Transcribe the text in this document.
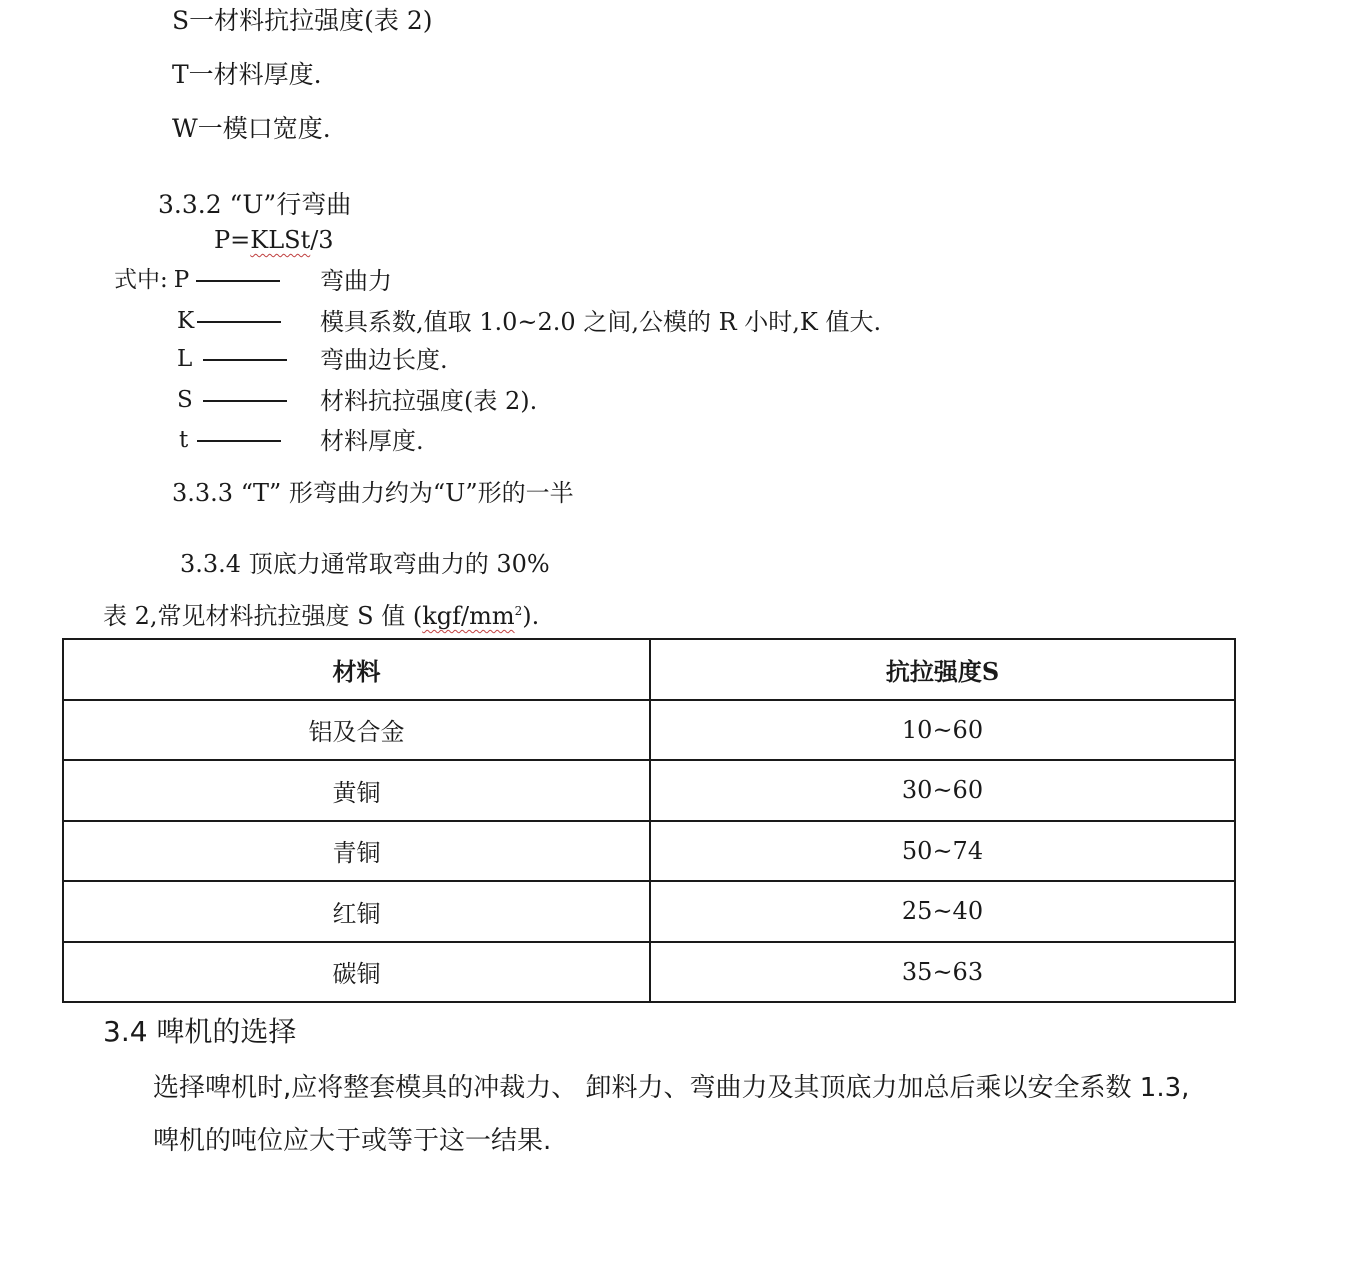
S一材料抗拉强度(表 2)
T一材料厚度.
W一模口宽度.
3.3.2 “U”行弯曲
P=KLSt/3
式中: P	弯曲力
K	模具系数,值取 1.0~2.0 之间,公模的 R 小时,K 值大.
L	弯曲边长度.
S	材料抗拉强度(表 2).
t	材料厚度.
3.3.3 “T” 形弯曲力约为“U”形的一半
3.3.4 顶底力通常取弯曲力的 30%
表 2,常见材料抗拉强度 S 值 $(kgf/mm^2)$.
材料	抗拉强度S
铝及合金	10~60
黄铜	30~60
青铜	50~74
红铜	25~40
碳铜	35~63
3.4 啤机的选择
选择啤机时,应将整套模具的冲裁力、 卸料力、弯曲力及其顶底力加总后乘以安全系数 1.3,
啤机的吨位应大于或等于这一结果.
